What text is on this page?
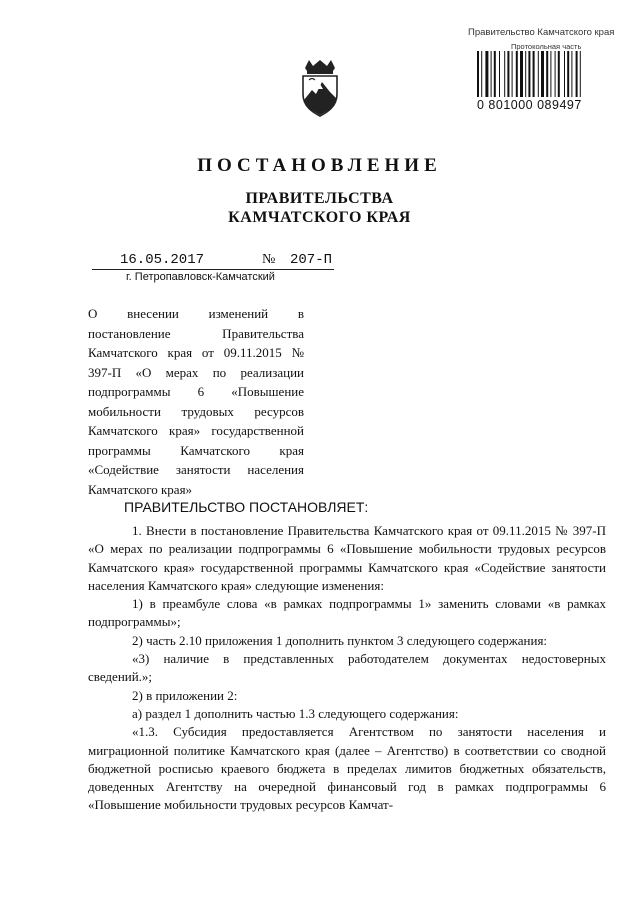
Правительство Камчатского края
Протокольная часть
0 801000 089497
ПОСТАНОВЛЕНИЕ
ПРАВИТЕЛЬСТВА
КАМЧАТСКОГО КРАЯ
16.05.2017	№ 207-П
г. Петропавловск-Камчатский
О внесении изменений в постановление Правительства Камчатского края от 09.11.2015 № 397-П «О мерах по реализации подпрограммы 6 «Повышение мобильности трудовых ресурсов Камчатского края» государственной программы Камчатского края «Содействие занятости населения Камчатского края»
ПРАВИТЕЛЬСТВО ПОСТАНОВЛЯЕТ:

1. Внести в постановление Правительства Камчатского края от 09.11.2015 № 397-П «О мерах по реализации подпрограммы 6 «Повышение мобильности трудовых ресурсов Камчатского края» государственной программы Камчатского края «Содействие занятости населения Камчатского края» следующие изменения:

1) в преамбуле слова «в рамках подпрограммы 1» заменить словами «в рамках подпрограммы»;

2) часть 2.10 приложения 1 дополнить пунктом 3 следующего содержания:

«3) наличие в представленных работодателем документах недостоверных сведений.»;

2) в приложении 2:

а) раздел 1 дополнить частью 1.3 следующего содержания:

«1.3. Субсидия предоставляется Агентством по занятости населения и миграционной политике Камчатского края (далее – Агентство) в соответствии со сводной бюджетной росписью краевого бюджета в пределах лимитов бюджетных обязательств, доведенных Агентству на очередной финансовый год в рамках подпрограммы 6 «Повышение мобильности трудовых ресурсов Камчат-
